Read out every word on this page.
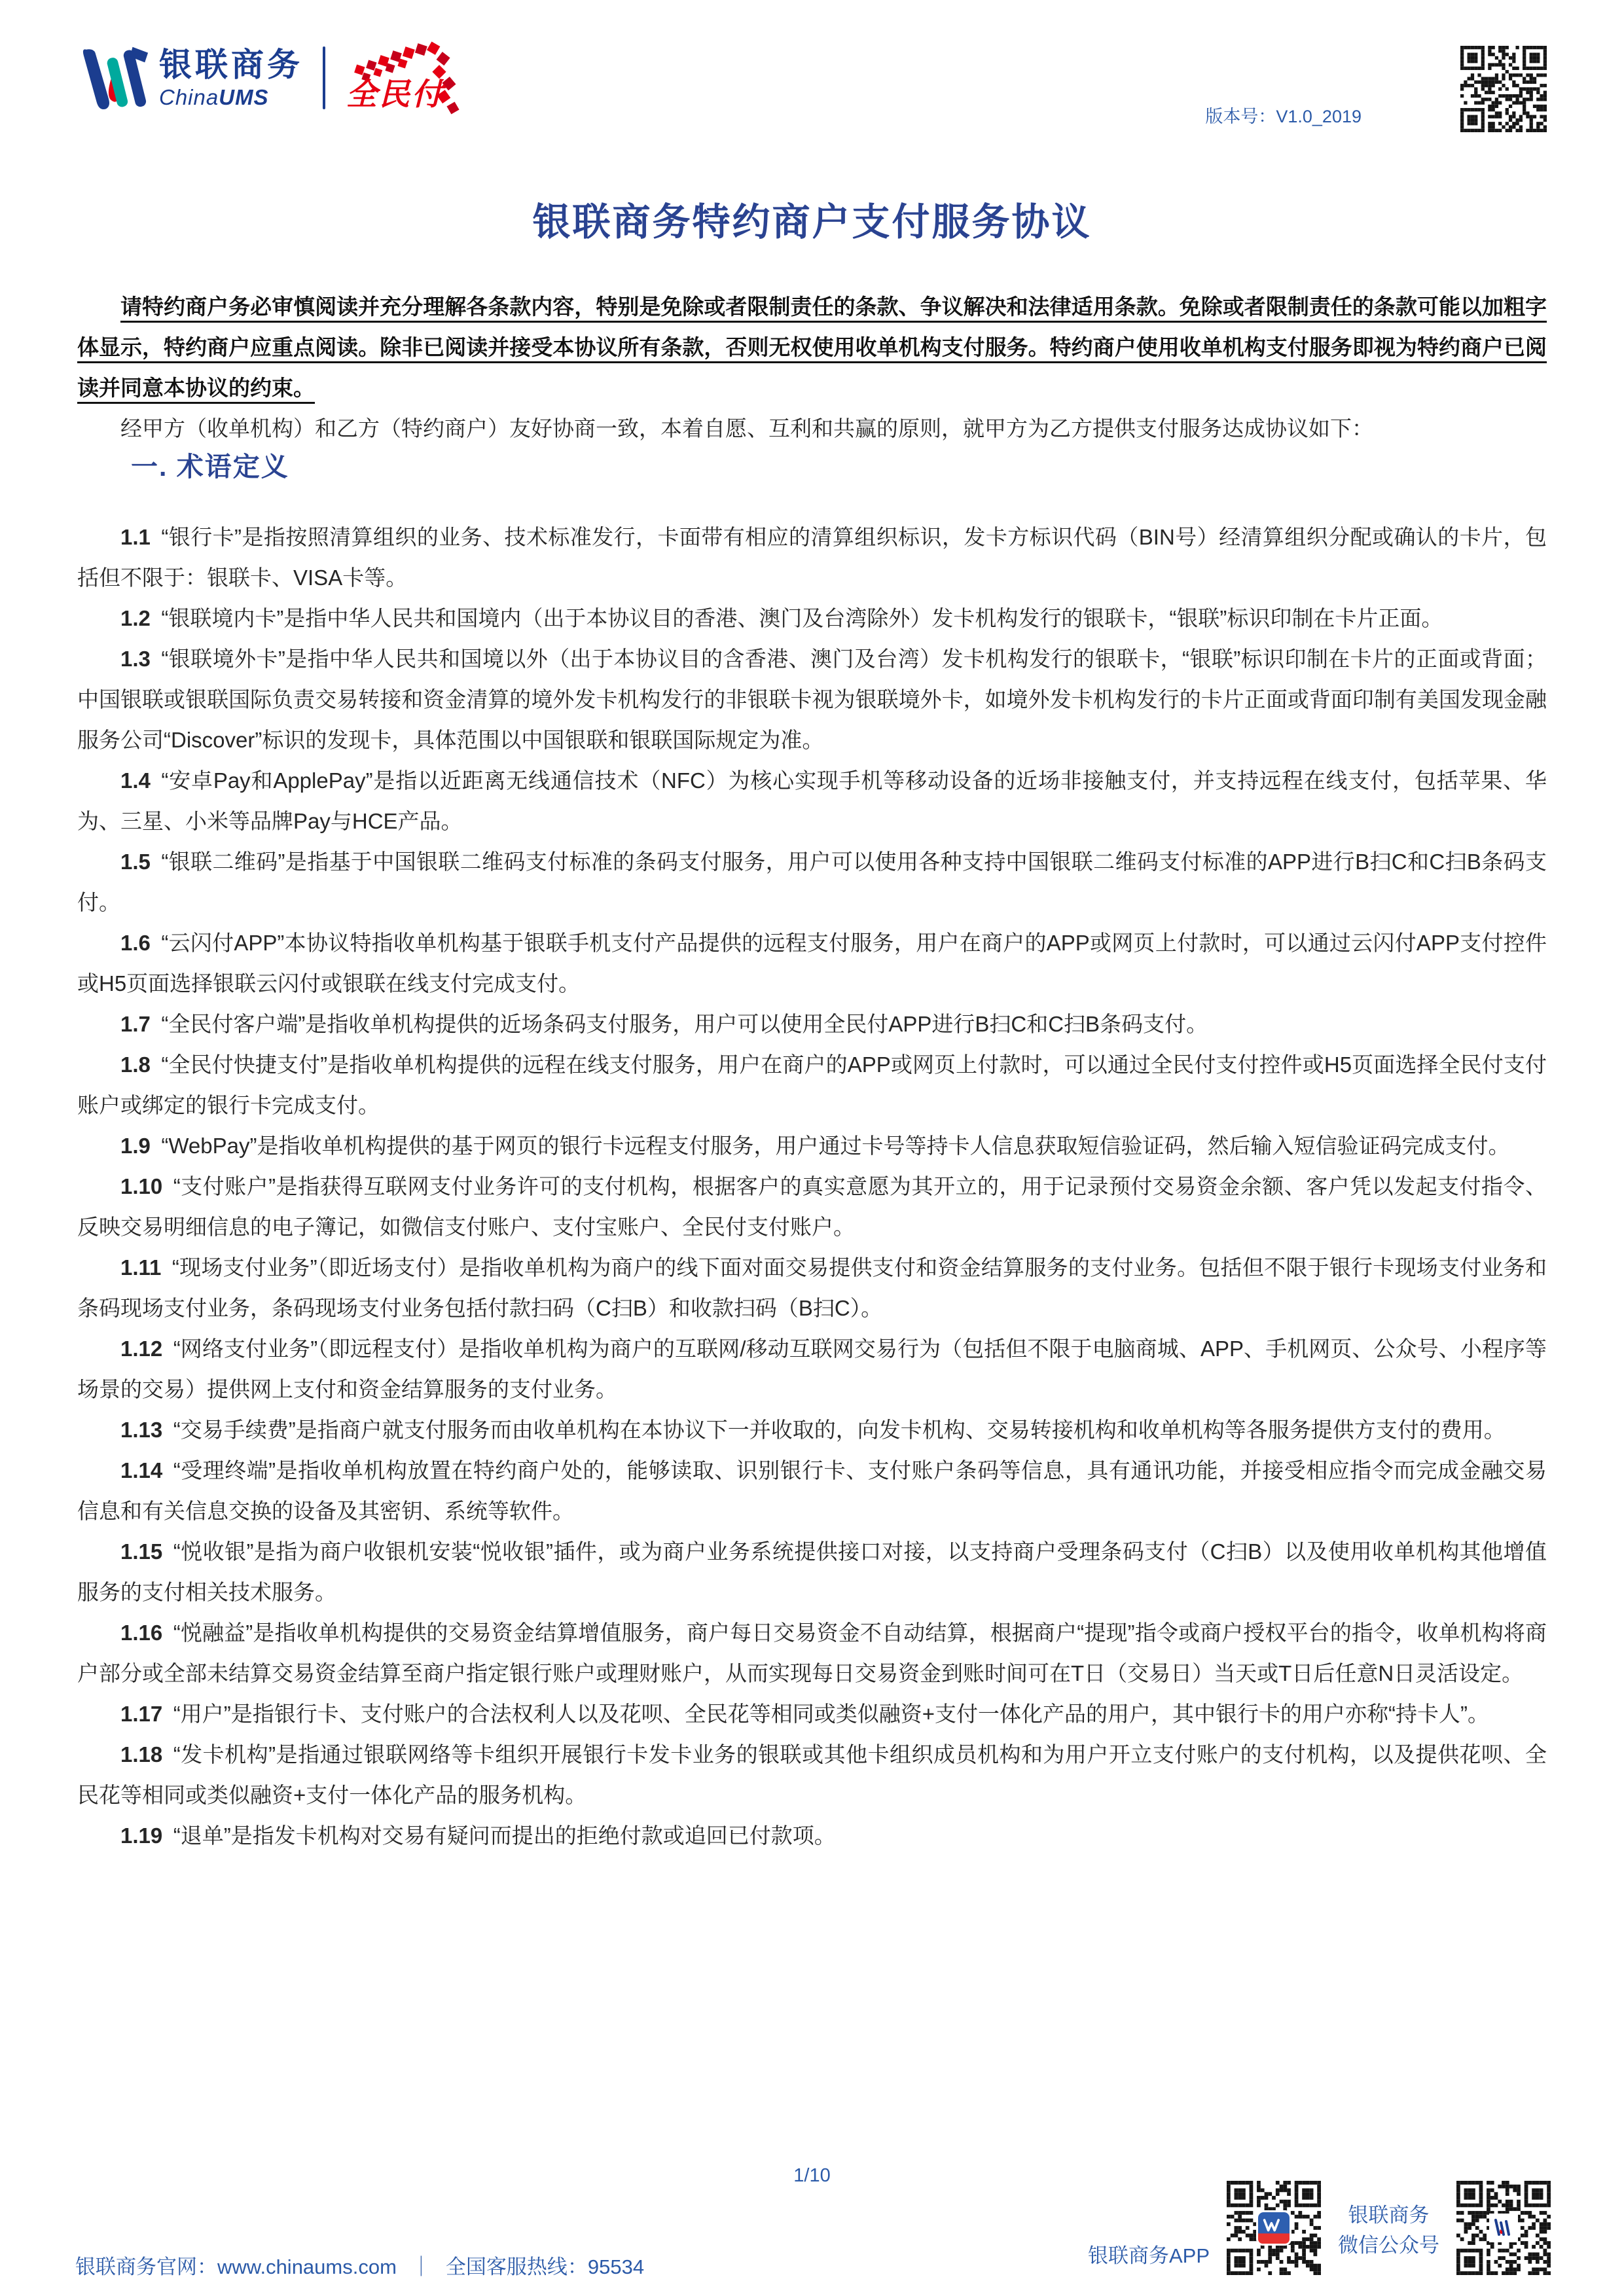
银联商务
ChinaUMS	全民付
版本号：V1.0_2019
银联商务特约商户支付服务协议

请特约商户务必审慎阅读并充分理解各条款内容，特别是免除或者限制责任的条款、争议解决和法律适用条款。免除或者限制责任的条款可能以加粗字体显示，特约商户应重点阅读。除非已阅读并接受本协议所有条款，否则无权使用收单机构支付服务。特约商户使用收单机构支付服务即视为特约商户已阅读并同意本协议的约束。

经甲方（收单机构）和乙方（特约商户）友好协商一致，本着自愿、互利和共赢的原则，就甲方为乙方提供支付服务达成协议如下：

一. 术语定义

1.1 “银行卡”是指按照清算组织的业务、技术标准发行，卡面带有相应的清算组织标识，发卡方标识代码（BIN号）经清算组织分配或确认的卡片，包括但不限于：银联卡、VISA卡等。

1.2 “银联境内卡”是指中华人民共和国境内（出于本协议目的香港、澳门及台湾除外）发卡机构发行的银联卡，“银联”标识印制在卡片正面。

1.3 “银联境外卡”是指中华人民共和国境以外（出于本协议目的含香港、澳门及台湾）发卡机构发行的银联卡，“银联”标识印制在卡片的正面或背面；中国银联或银联国际负责交易转接和资金清算的境外发卡机构发行的非银联卡视为银联境外卡，如境外发卡机构发行的卡片正面或背面印制有美国发现金融服务公司“Discover”标识的发现卡，具体范围以中国银联和银联国际规定为准。

1.4 “安卓Pay和ApplePay”是指以近距离无线通信技术（NFC）为核心实现手机等移动设备的近场非接触支付，并支持远程在线支付，包括苹果、华为、三星、小米等品牌Pay与HCE产品。

1.5 “银联二维码”是指基于中国银联二维码支付标准的条码支付服务，用户可以使用各种支持中国银联二维码支付标准的APP进行B扫C和C扫B条码支付。

1.6 “云闪付APP”本协议特指收单机构基于银联手机支付产品提供的远程支付服务，用户在商户的APP或网页上付款时，可以通过云闪付APP支付控件或H5页面选择银联云闪付或银联在线支付完成支付。

1.7 “全民付客户端”是指收单机构提供的近场条码支付服务，用户可以使用全民付APP进行B扫C和C扫B条码支付。

1.8 “全民付快捷支付”是指收单机构提供的远程在线支付服务，用户在商户的APP或网页上付款时，可以通过全民付支付控件或H5页面选择全民付支付账户或绑定的银行卡完成支付。

1.9 “WebPay”是指收单机构提供的基于网页的银行卡远程支付服务，用户通过卡号等持卡人信息获取短信验证码，然后输入短信验证码完成支付。

1.10 “支付账户”是指获得互联网支付业务许可的支付机构，根据客户的真实意愿为其开立的，用于记录预付交易资金余额、客户凭以发起支付指令、反映交易明细信息的电子簿记，如微信支付账户、支付宝账户、全民付支付账户。

1.11 “现场支付业务”（即近场支付）是指收单机构为商户的线下面对面交易提供支付和资金结算服务的支付业务。包括但不限于银行卡现场支付业务和条码现场支付业务，条码现场支付业务包括付款扫码（C扫B）和收款扫码（B扫C）。

1.12 “网络支付业务”（即远程支付）是指收单机构为商户的互联网/移动互联网交易行为（包括但不限于电脑商城、APP、手机网页、公众号、小程序等场景的交易）提供网上支付和资金结算服务的支付业务。

1.13 “交易手续费”是指商户就支付服务而由收单机构在本协议下一并收取的，向发卡机构、交易转接机构和收单机构等各服务提供方支付的费用。

1.14 “受理终端”是指收单机构放置在特约商户处的，能够读取、识别银行卡、支付账户条码等信息，具有通讯功能，并接受相应指令而完成金融交易信息和有关信息交换的设备及其密钥、系统等软件。

1.15 “悦收银”是指为商户收银机安装“悦收银”插件，或为商户业务系统提供接口对接，以支持商户受理条码支付（C扫B）以及使用收单机构其他增值服务的支付相关技术服务。

1.16 “悦融益”是指收单机构提供的交易资金结算增值服务，商户每日交易资金不自动结算，根据商户“提现”指令或商户授权平台的指令，收单机构将商户部分或全部未结算交易资金结算至商户指定银行账户或理财账户，从而实现每日交易资金到账时间可在T日（交易日）当天或T日后任意N日灵活设定。

1.17 “用户”是指银行卡、支付账户的合法权利人以及花呗、全民花等相同或类似融资+支付一体化产品的用户，其中银行卡的用户亦称“持卡人”。

1.18 “发卡机构”是指通过银联网络等卡组织开展银行卡发卡业务的银联或其他卡组织成员机构和为用户开立支付账户的支付机构，以及提供花呗、全民花等相同或类似融资+支付一体化产品的服务机构。

1.19 “退单”是指发卡机构对交易有疑问而提出的拒绝付款或追回已付款项。

1/10
银联商务官网：www.chinaums.com ｜ 全国客服热线：95534	银联商务APP
银联商务
微信公众号
